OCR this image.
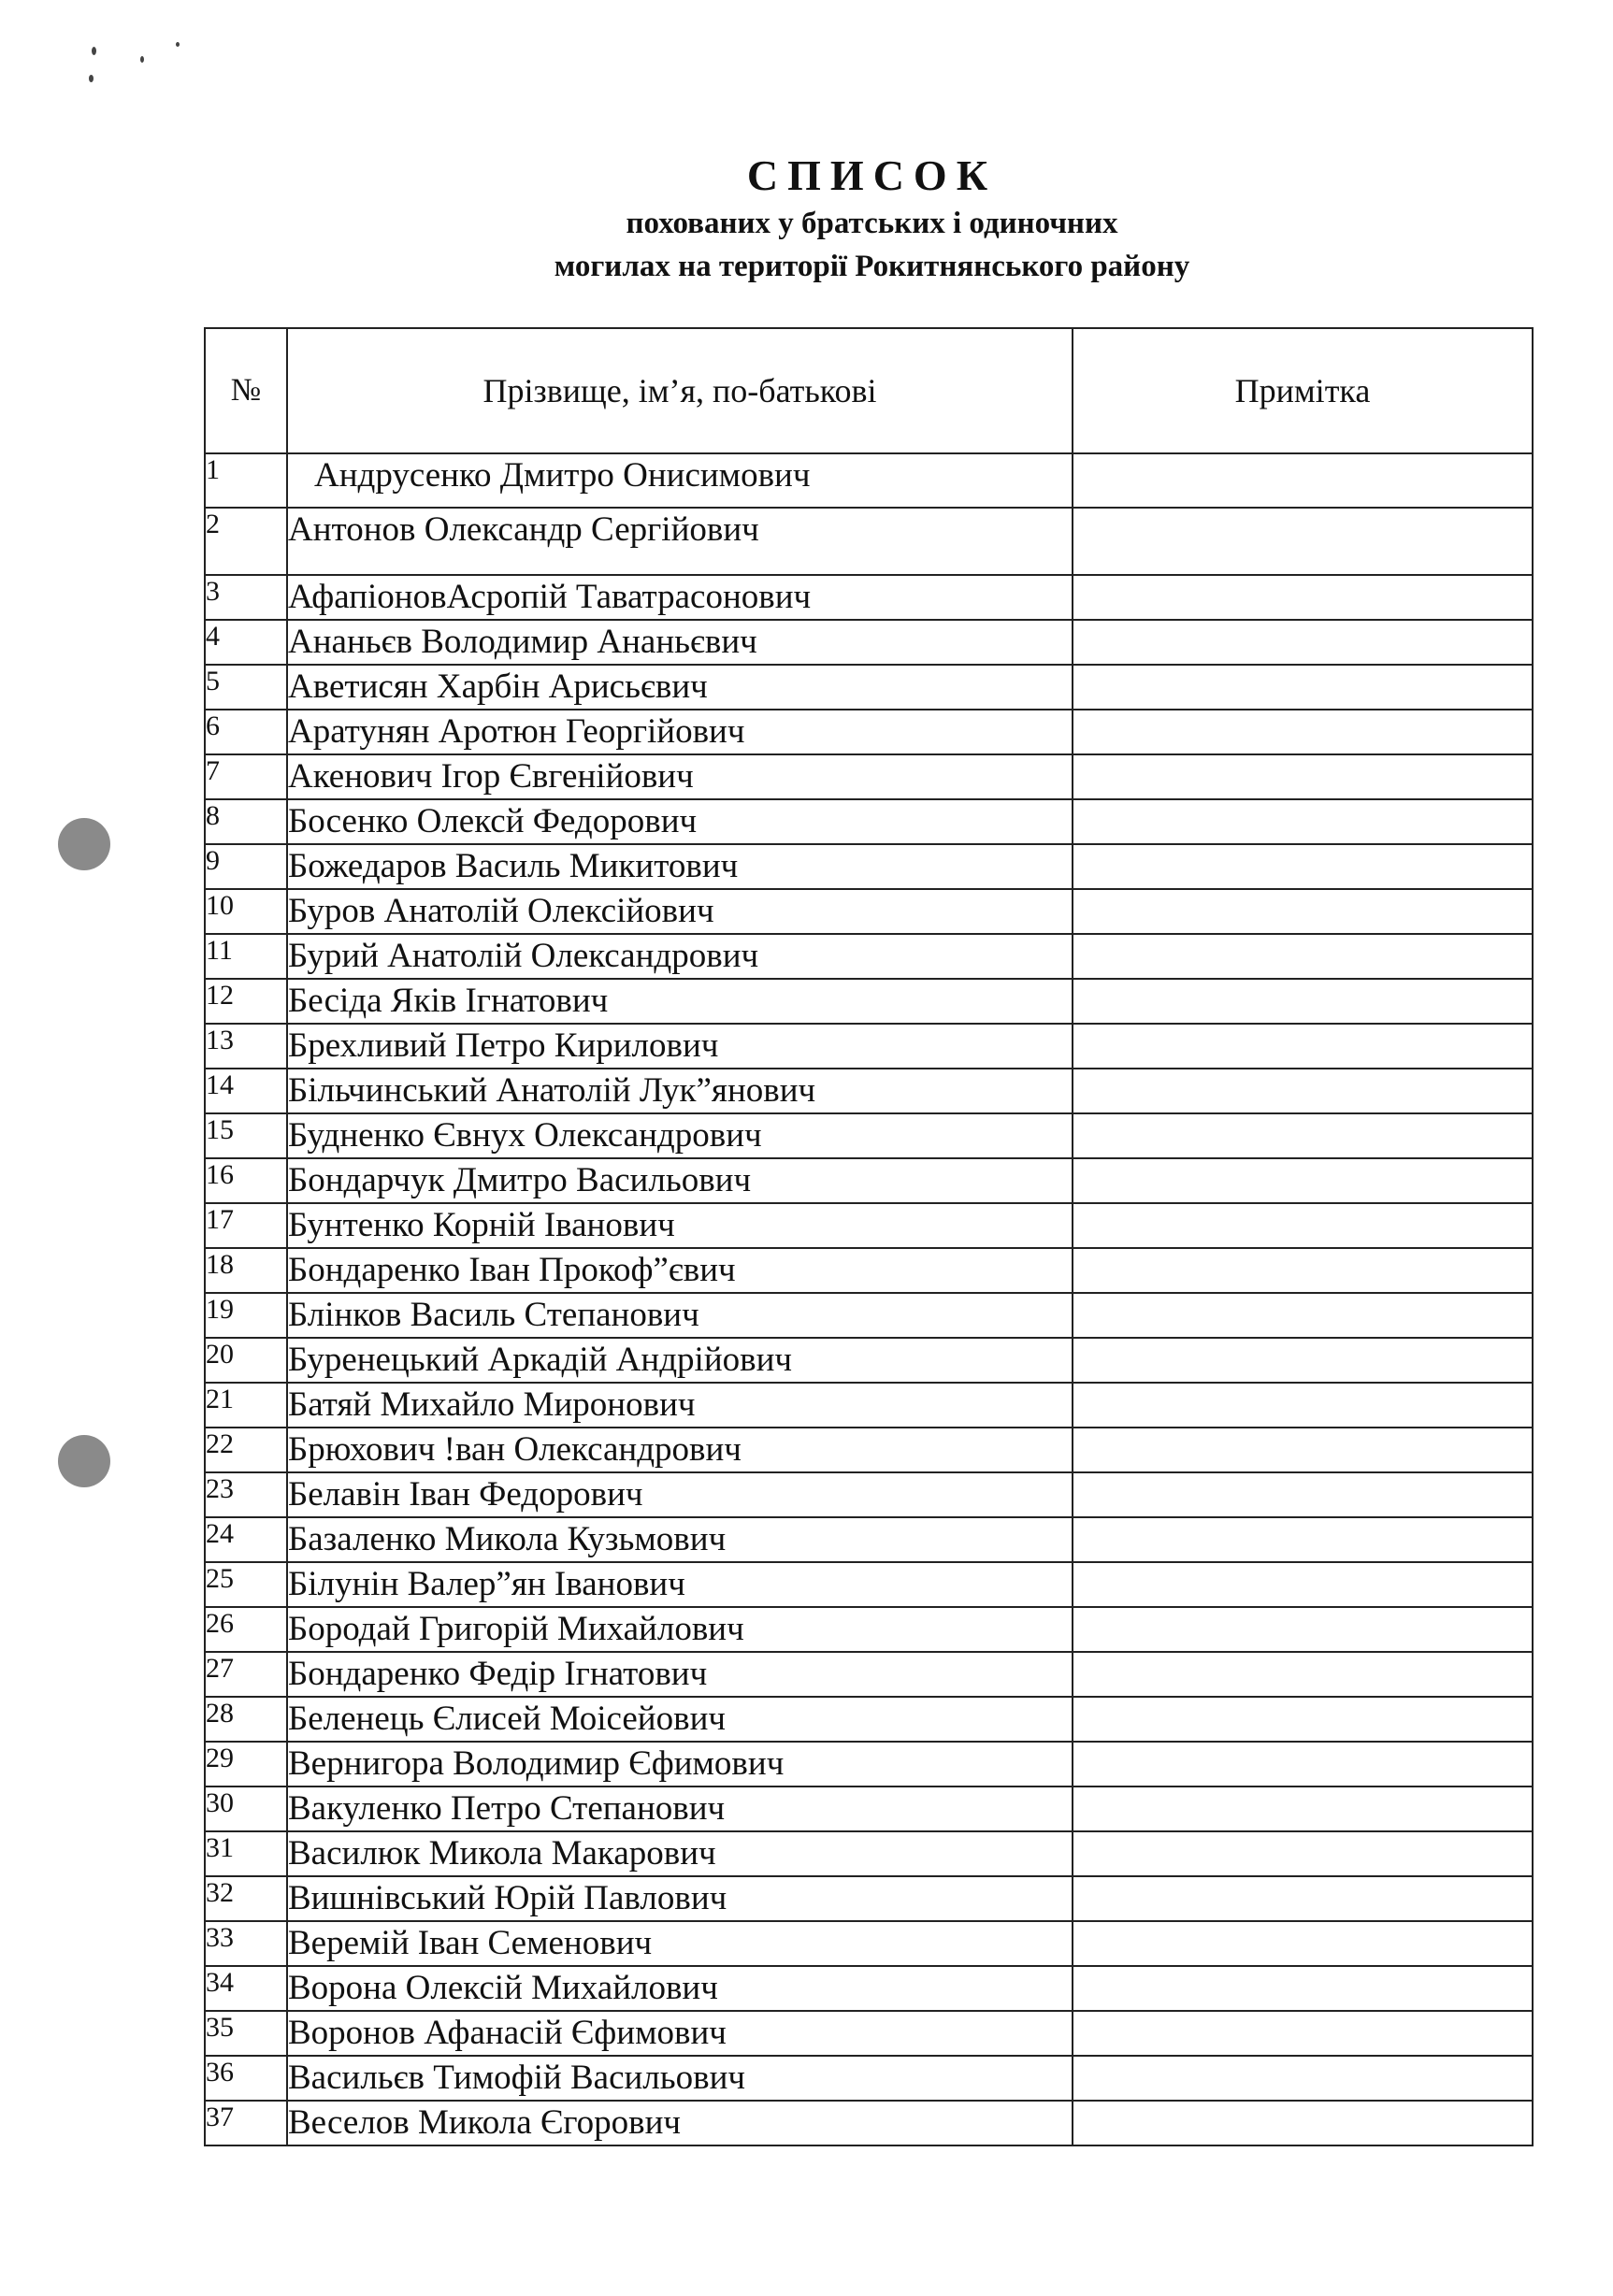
СПИСОК
похованих у братських і одиночних
могилах на території Рокитнянського району
№	Прізвище, ім’я, по-батькові	Примітка
1	Андрусенко Дмитро Онисимович	
2	Антонов Олександр Сергійович	
3	АфапіоновАсропій Таватрасонович	
4	Ананьєв Володимир Ананьєвич	
5	Аветисян Харбін Арисьєвич	
6	Аратунян Аротюн Георгійович	
7	Акенович Ігор Євгенійович	
8	Босенко Олексй Федорович	
9	Божедаров Василь Микитович	
10	Буров Анатолій Олексійович	
11	Бурий Анатолій Олександрович	
12	Бесіда Яків Ігнатович	
13	Брехливий Петро Кирилович	
14	Більчинський Анатолій Лук”янович	
15	Будненко Євнух Олександрович	
16	Бондарчук Дмитро Васильович	
17	Бунтенко Корній Іванович	
18	Бондаренко Іван Прокоф”євич	
19	Блінков Василь Степанович	
20	Буренецький Аркадій Андрійович	
21	Батяй Михайло Миронович	
22	Брюхович !ван Олександрович	
23	Белавін Іван Федорович	
24	Базаленко Микола Кузьмович	
25	Білунін Валер”ян Іванович	
26	Бородай Григорій Михайлович	
27	Бондаренко Федір Ігнатович	
28	Беленець Єлисей Моісейович	
29	Вернигора Володимир Єфимович	
30	Вакуленко Петро Степанович	
31	Василюк Микола Макарович	
32	Вишнівський Юрій Павлович	
33	Веремій Іван Семенович	
34	Ворона Олексій Михайлович	
35	Воронов Афанасій Єфимович	
36	Васильєв Тимофій Васильович	
37	Веселов Микола Єгорович	
